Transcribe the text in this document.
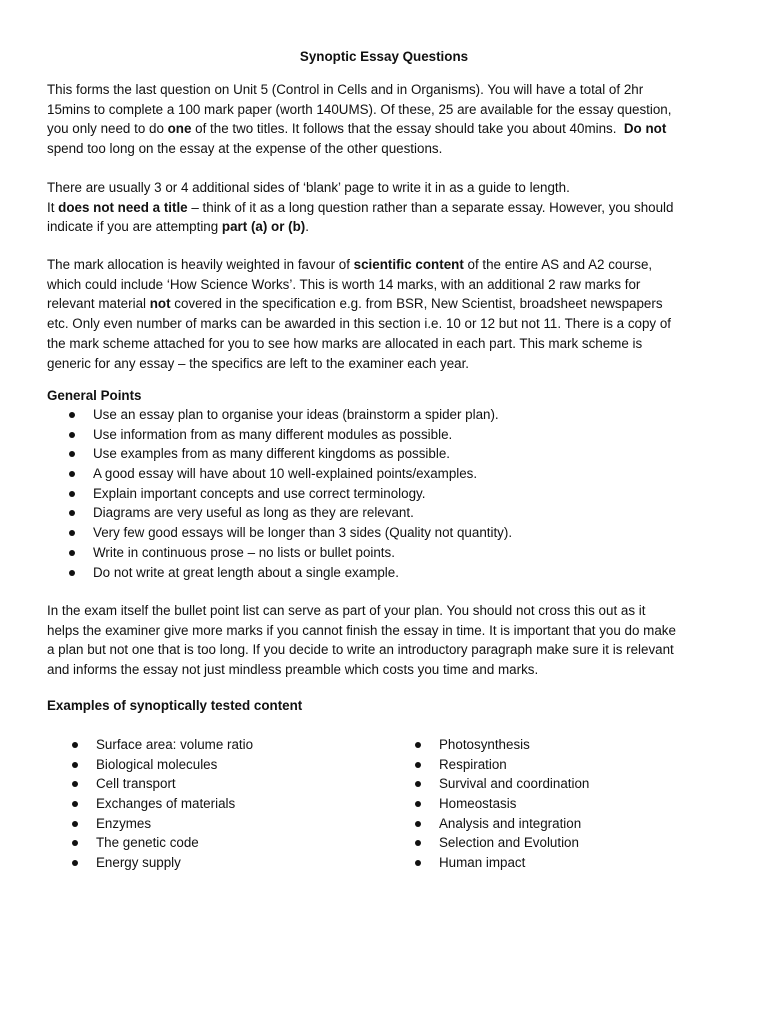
Synoptic Essay Questions
This forms the last question on Unit 5 (Control in Cells and in Organisms). You will have a total of 2hr
15mins to complete a 100 mark paper (worth 140UMS). Of these, 25 are available for the essay question,
you only need to do one of the two titles. It follows that the essay should take you about 40mins.  Do not
spend too long on the essay at the expense of the other questions.
There are usually 3 or 4 additional sides of ‘blank’ page to write it in as a guide to length.
It does not need a title – think of it as a long question rather than a separate essay. However, you should
indicate if you are attempting part (a) or (b).
The mark allocation is heavily weighted in favour of scientific content of the entire AS and A2 course,
which could include ‘How Science Works’. This is worth 14 marks, with an additional 2 raw marks for
relevant material not covered in the specification e.g. from BSR, New Scientist, broadsheet newspapers
etc. Only even number of marks can be awarded in this section i.e. 10 or 12 but not 11. There is a copy of
the mark scheme attached for you to see how marks are allocated in each part. This mark scheme is
generic for any essay – the specifics are left to the examiner each year.
General Points
Use an essay plan to organise your ideas (brainstorm a spider plan).
Use information from as many different modules as possible.
Use examples from as many different kingdoms as possible.
A good essay will have about 10 well-explained points/examples.
Explain important concepts and use correct terminology.
Diagrams are very useful as long as they are relevant.
Very few good essays will be longer than 3 sides (Quality not quantity).
Write in continuous prose – no lists or bullet points.
Do not write at great length about a single example.
In the exam itself the bullet point list can serve as part of your plan. You should not cross this out as it
helps the examiner give more marks if you cannot finish the essay in time. It is important that you do make
a plan but not one that is too long. If you decide to write an introductory paragraph make sure it is relevant
and informs the essay not just mindless preamble which costs you time and marks.
Examples of synoptically tested content
Surface area: volume ratio
Biological molecules
Cell transport
Exchanges of materials
Enzymes
The genetic code
Energy supply
Photosynthesis
Respiration
Survival and coordination
Homeostasis
Analysis and integration
Selection and Evolution
Human impact
